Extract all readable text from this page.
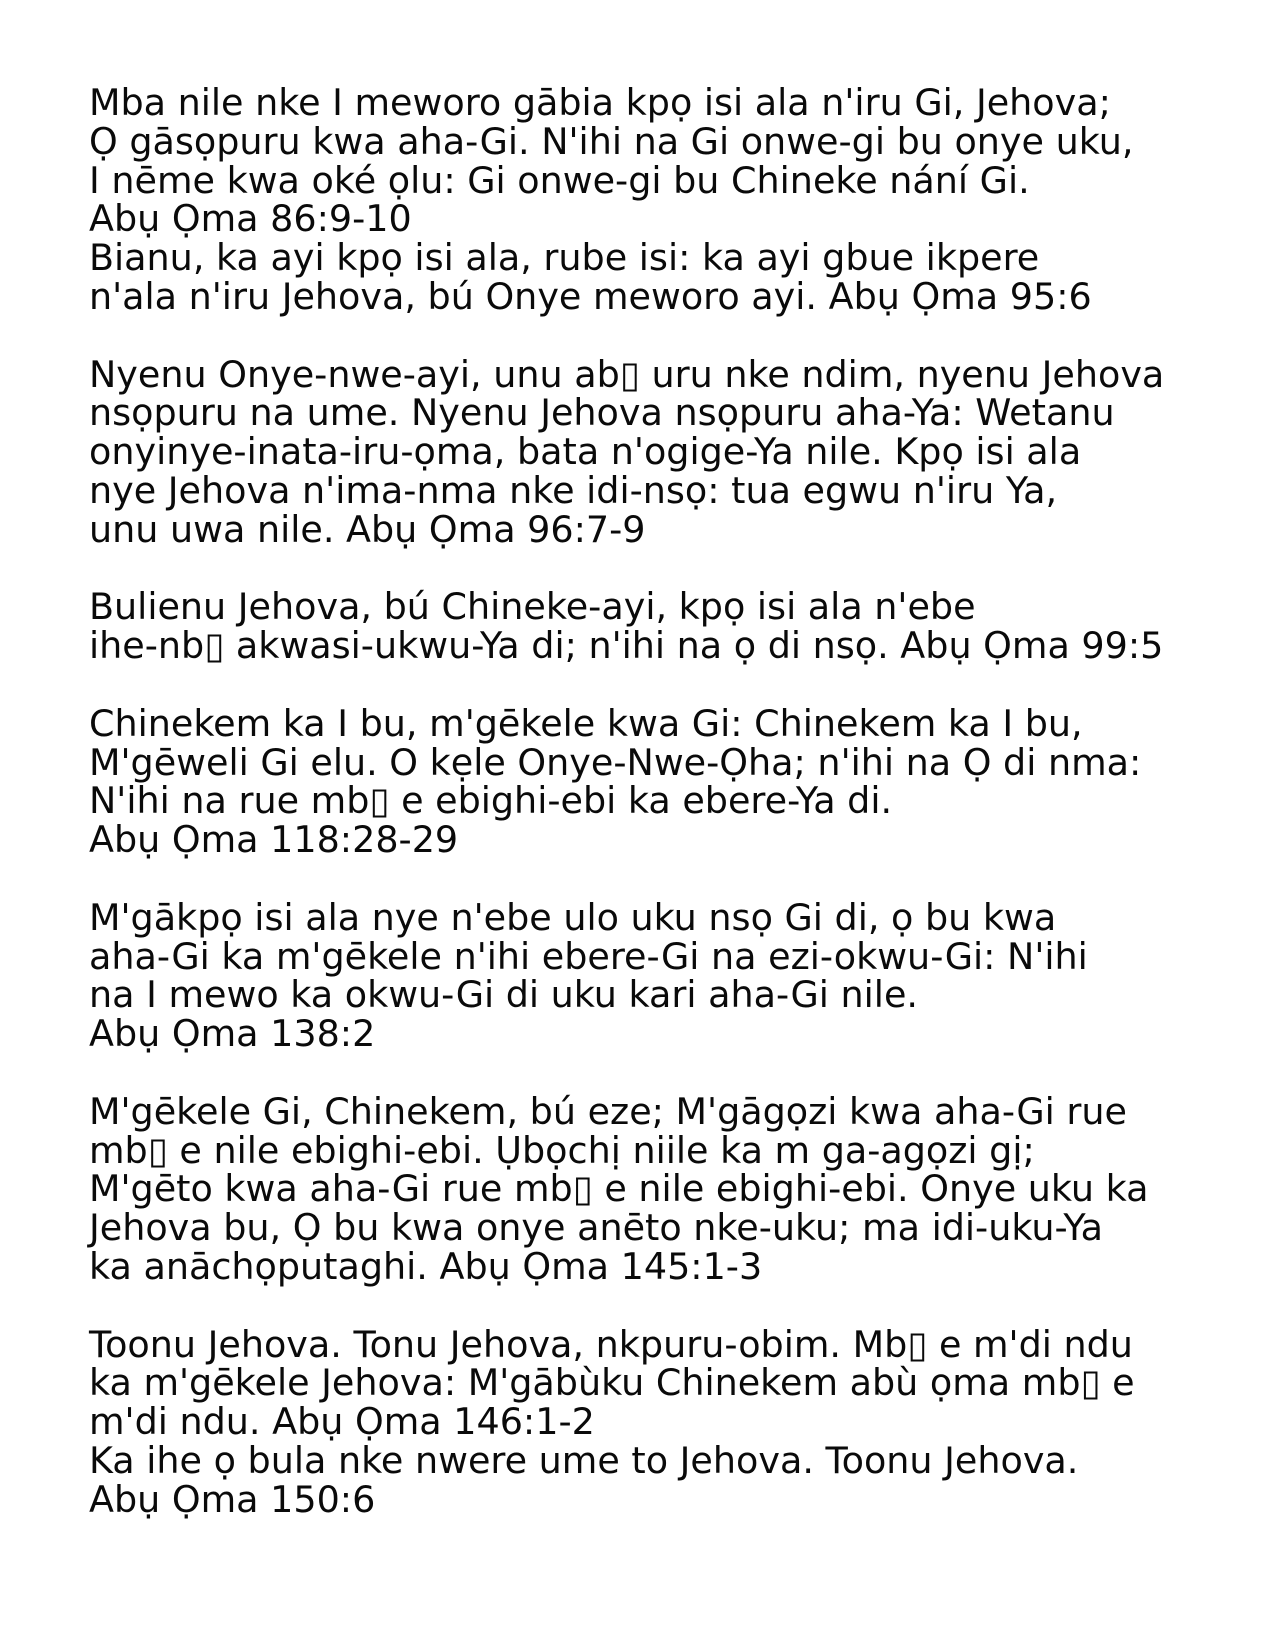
Mba nile nke I meworo gābia kpọ isi ala n'iru Gi, Jehova;
Ọ gāsọpuru kwa aha-Gi. N'ihi na Gi onwe-gi bu onye uku,
I nēme kwa oké ọlu: Gi onwe-gi bu Chineke nání Gi.
Abụ Ọma 86:9-10
Bianu, ka ayi kpọ isi ala, rube isi: ka ayi gbue ikpere
n'ala n'iru Jehova, bú Onye meworo ayi. Abụ Ọma 95:6
Nyenu Onye-nwe-ayi, unu ab▯ uru nke ndim, nyenu Jehova
nsọpuru na ume. Nyenu Jehova nsọpuru aha-Ya: Wetanu
onyinye-inata-iru-ọma, bata n'ogige-Ya nile. Kpọ isi ala
nye Jehova n'ima-nma nke idi-nsọ: tua egwu n'iru Ya,
unu uwa nile. Abụ Ọma 96:7-9
Bulienu Jehova, bú Chineke-ayi, kpọ isi ala n'ebe
ihe-nb▯ akwasi-ukwu-Ya di; n'ihi na ọ di nsọ. Abụ Ọma 99:5
Chinekem ka I bu, m'gēkele kwa Gi: Chinekem ka I bu,
M'gēweli Gi elu. O kẹle Onye-Nwe-Ọha; n'ihi na Ọ di nma:
N'ihi na rue mb▯ e ebighi-ebi ka ebere-Ya di.
Abụ Ọma 118:28-29
M'gākpọ isi ala nye n'ebe ulo uku nsọ Gi di, ọ bu kwa
aha-Gi ka m'gēkele n'ihi ebere-Gi na ezi-okwu-Gi: N'ihi
na I mewo ka okwu-Gi di uku kari aha-Gi nile.
Abụ Ọma 138:2
M'gēkele Gi, Chinekem, bú eze; M'gāgọzi kwa aha-Gi rue
mb▯ e nile ebighi-ebi. Ụbọchị niile ka m ga-agọzi gị;
M'gēto kwa aha-Gi rue mb▯ e nile ebighi-ebi. Onye uku ka
Jehova bu, Ọ bu kwa onye anēto nke-uku; ma idi-uku-Ya
ka anāchọputaghi. Abụ Ọma 145:1-3
Toonu Jehova. Tonu Jehova, nkpuru-obim. Mb▯ e m'di ndu
ka m'gēkele Jehova: M'gābùku Chinekem abù ọma mb▯ e
m'di ndu. Abụ Ọma 146:1-2
Ka ihe ọ bula nke nwere ume to Jehova. Toonu Jehova.
Abụ Ọma 150:6
